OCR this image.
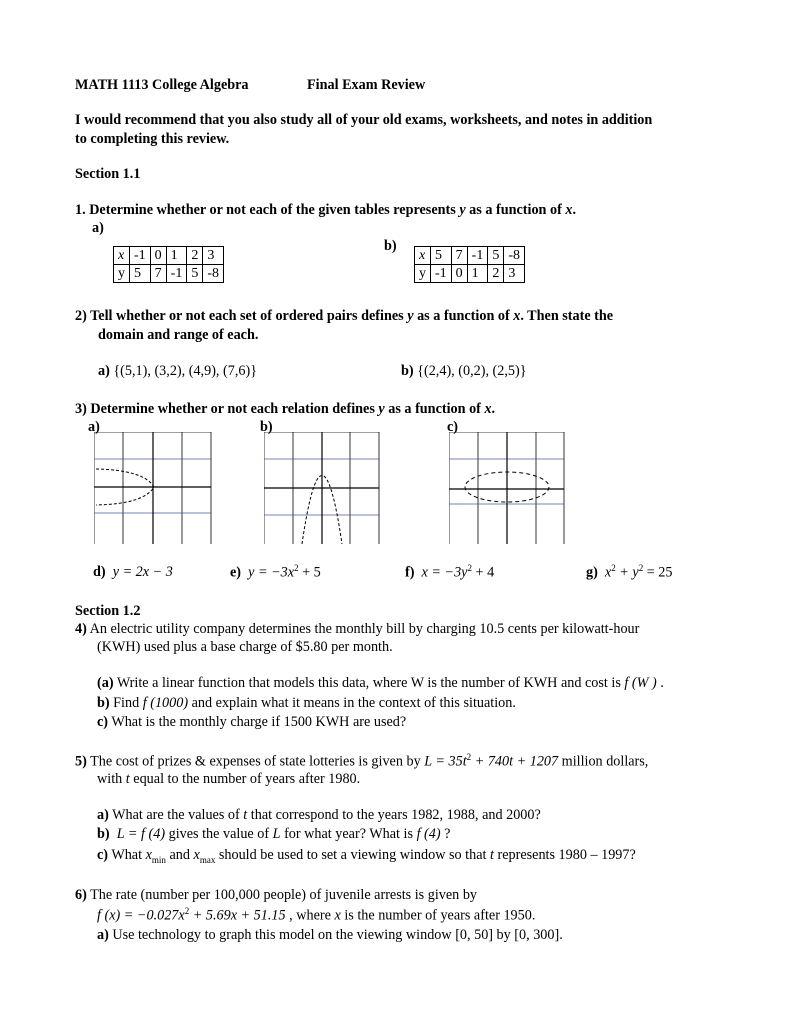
MATH 1113 College Algebra	Final Exam Review
I would recommend that you also study all of your old exams, worksheets, and notes in addition
to completing this review.
Section 1.1
1. Determine whether or not each of the given tables represents y as a function of x.
a)
b)
x	-1	0	1	2	3
y	5	7	-1	5	-8
x	5	7	-1	5	-8
y	-1	0	1	2	3
2) Tell whether or not each set of ordered pairs defines y as a function of x. Then state the
domain and range of each.
a) {(5,1), (3,2), (4,9), (7,6)}	b) {(2,4), (0,2), (2,5)}
3) Determine whether or not each relation defines y as a function of x.
a)	b)	c)
d) y = 2x − 3	e) $y = -3x^2 + 5$	f) $x = -3y^2 + 4$	g) $x^2 + y^2 = 25$
Section 1.2
4) An electric utility company determines the monthly bill by charging 10.5 cents per kilowatt-hour
(KWH) used plus a base charge of $5.80 per month.
(a) Write a linear function that models this data, where W is the number of KWH and cost is f (W ) .
b) Find f (1000) and explain what it means in the context of this situation.
c) What is the monthly charge if 1500 KWH are used?
5) The cost of prizes & expenses of state lotteries is given by $L = 35t^2 + 740t + 1207$ million dollars,
with t equal to the number of years after 1980.
a) What are the values of t that correspond to the years 1982, 1988, and 2000?
b) L = f (4) gives the value of L for what year? What is f (4) ?
c) What $x_{min}$ and $x_{max}$ should be used to set a viewing window so that t represents 1980 – 1997?
6) The rate (number per 100,000 people) of juvenile arrests is given by
f $(x) = -0.027x^2 + 5.69x + 51.15$ , where x is the number of years after 1950.
a) Use technology to graph this model on the viewing window [0, 50] by [0, 300].
